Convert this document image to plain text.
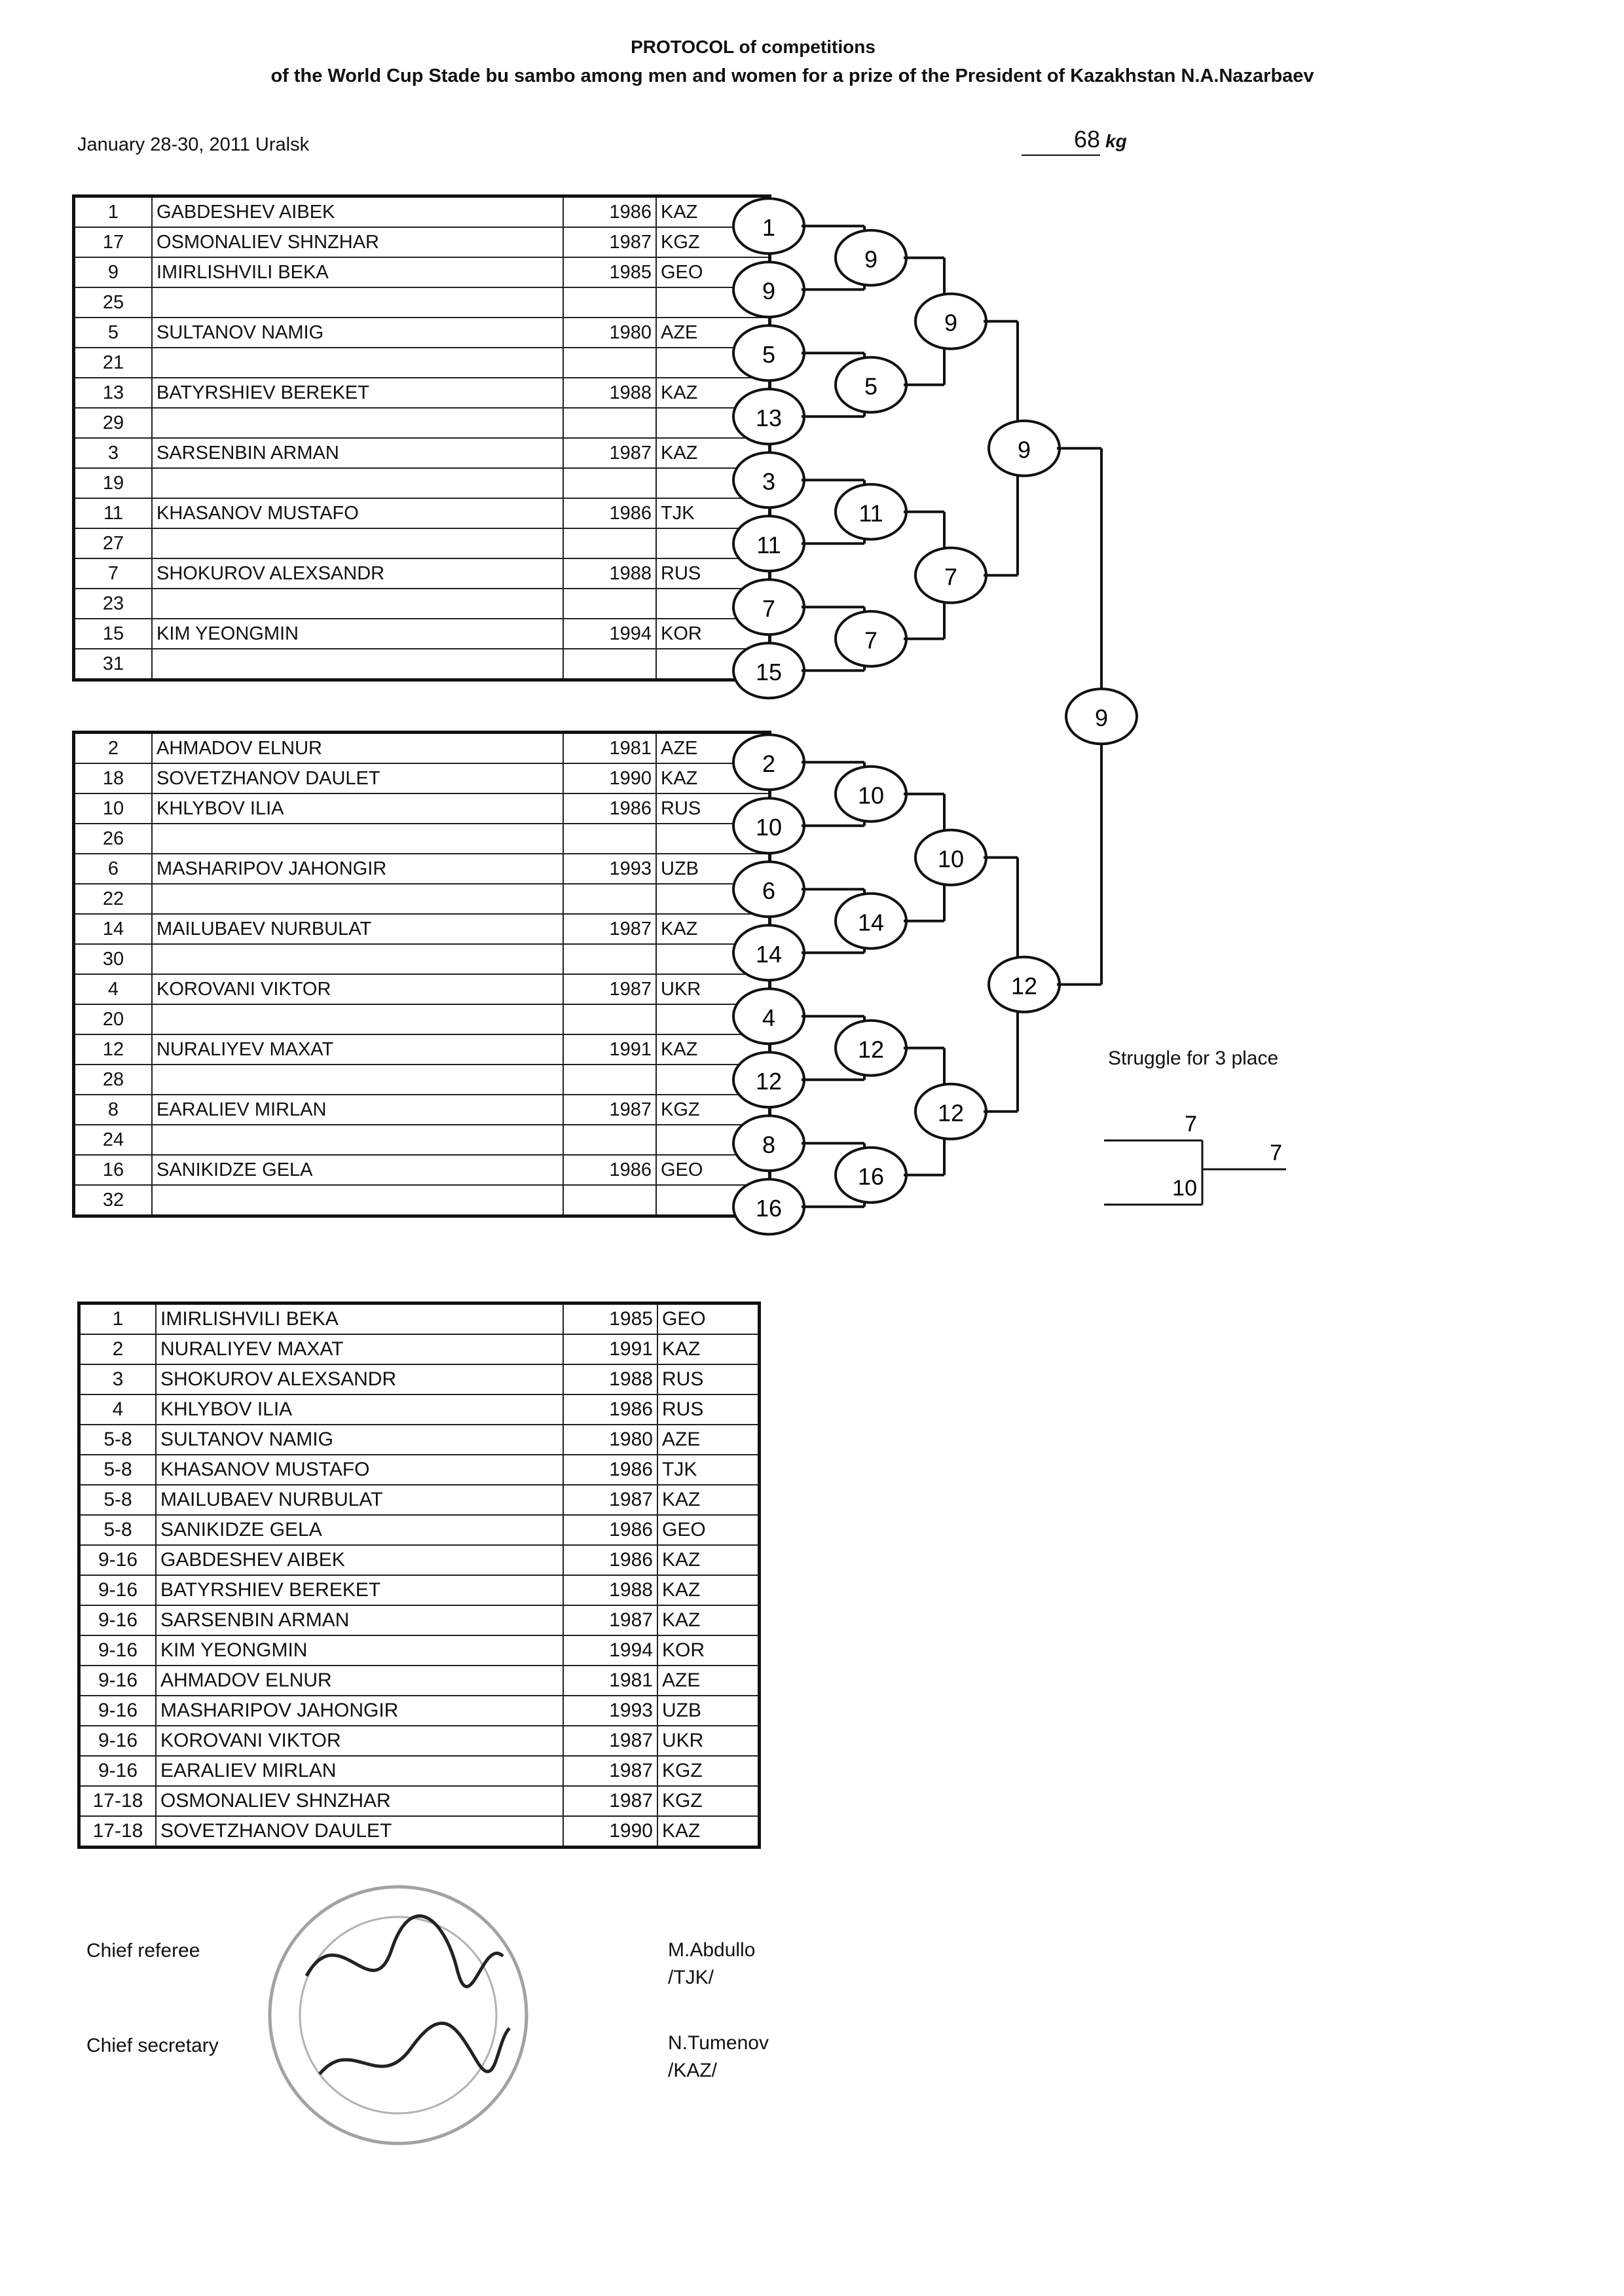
PROTOCOL of competitions
of the World Cup Stade bu sambo among men and women for a prize of the President of Kazakhstan N.A.Nazarbaev
January 28-30, 2011 Uralsk	68 kg
1	GABDESHEV AIBEK	1986	KAZ
17	OSMONALIEV SHNZHAR	1987	KGZ
9	IMIRLISHVILI BEKA	1985	GEO
25			
5	SULTANOV NAMIG	1980	AZE
21			
13	BATYRSHIEV BEREKET	1988	KAZ
29			
3	SARSENBIN ARMAN	1987	KAZ
19			
11	KHASANOV MUSTAFO	1986	TJK
27			
7	SHOKUROV ALEXSANDR	1988	RUS
23			
15	KIM YEONGMIN	1994	KOR
31			
2	AHMADOV ELNUR	1981	AZE
18	SOVETZHANOV DAULET	1990	KAZ
10	KHLYBOV ILIA	1986	RUS
26			
6	MASHARIPOV JAHONGIR	1993	UZB
22			
14	MAILUBAEV NURBULAT	1987	KAZ
30			
4	KOROVANI VIKTOR	1987	UKR
20			
12	NURALIYEV MAXAT	1991	KAZ
28			
8	EARALIEV MIRLAN	1987	KGZ
24			
16	SANIKIDZE GELA	1986	GEO
32			
1
9
5
13
3
11
7
15
9
5
11
7
9
7
9
2
10
6
14
4
12
8
16
10
14
12
16
10
12
12
9
7
10
7
Struggle for 3 place
1	IMIRLISHVILI BEKA	1985	GEO
2	NURALIYEV MAXAT	1991	KAZ
3	SHOKUROV ALEXSANDR	1988	RUS
4	KHLYBOV ILIA	1986	RUS
5-8	SULTANOV NAMIG	1980	AZE
5-8	KHASANOV MUSTAFO	1986	TJK
5-8	MAILUBAEV NURBULAT	1987	KAZ
5-8	SANIKIDZE GELA	1986	GEO
9-16	GABDESHEV AIBEK	1986	KAZ
9-16	BATYRSHIEV BEREKET	1988	KAZ
9-16	SARSENBIN ARMAN	1987	KAZ
9-16	KIM YEONGMIN	1994	KOR
9-16	AHMADOV ELNUR	1981	AZE
9-16	MASHARIPOV JAHONGIR	1993	UZB
9-16	KOROVANI VIKTOR	1987	UKR
9-16	EARALIEV MIRLAN	1987	KGZ
17-18	OSMONALIEV SHNZHAR	1987	KGZ
17-18	SOVETZHANOV DAULET	1990	KAZ
Chief referee
Chief secretary
M.Abdullo
/TJK/
N.Tumenov
/KAZ/
